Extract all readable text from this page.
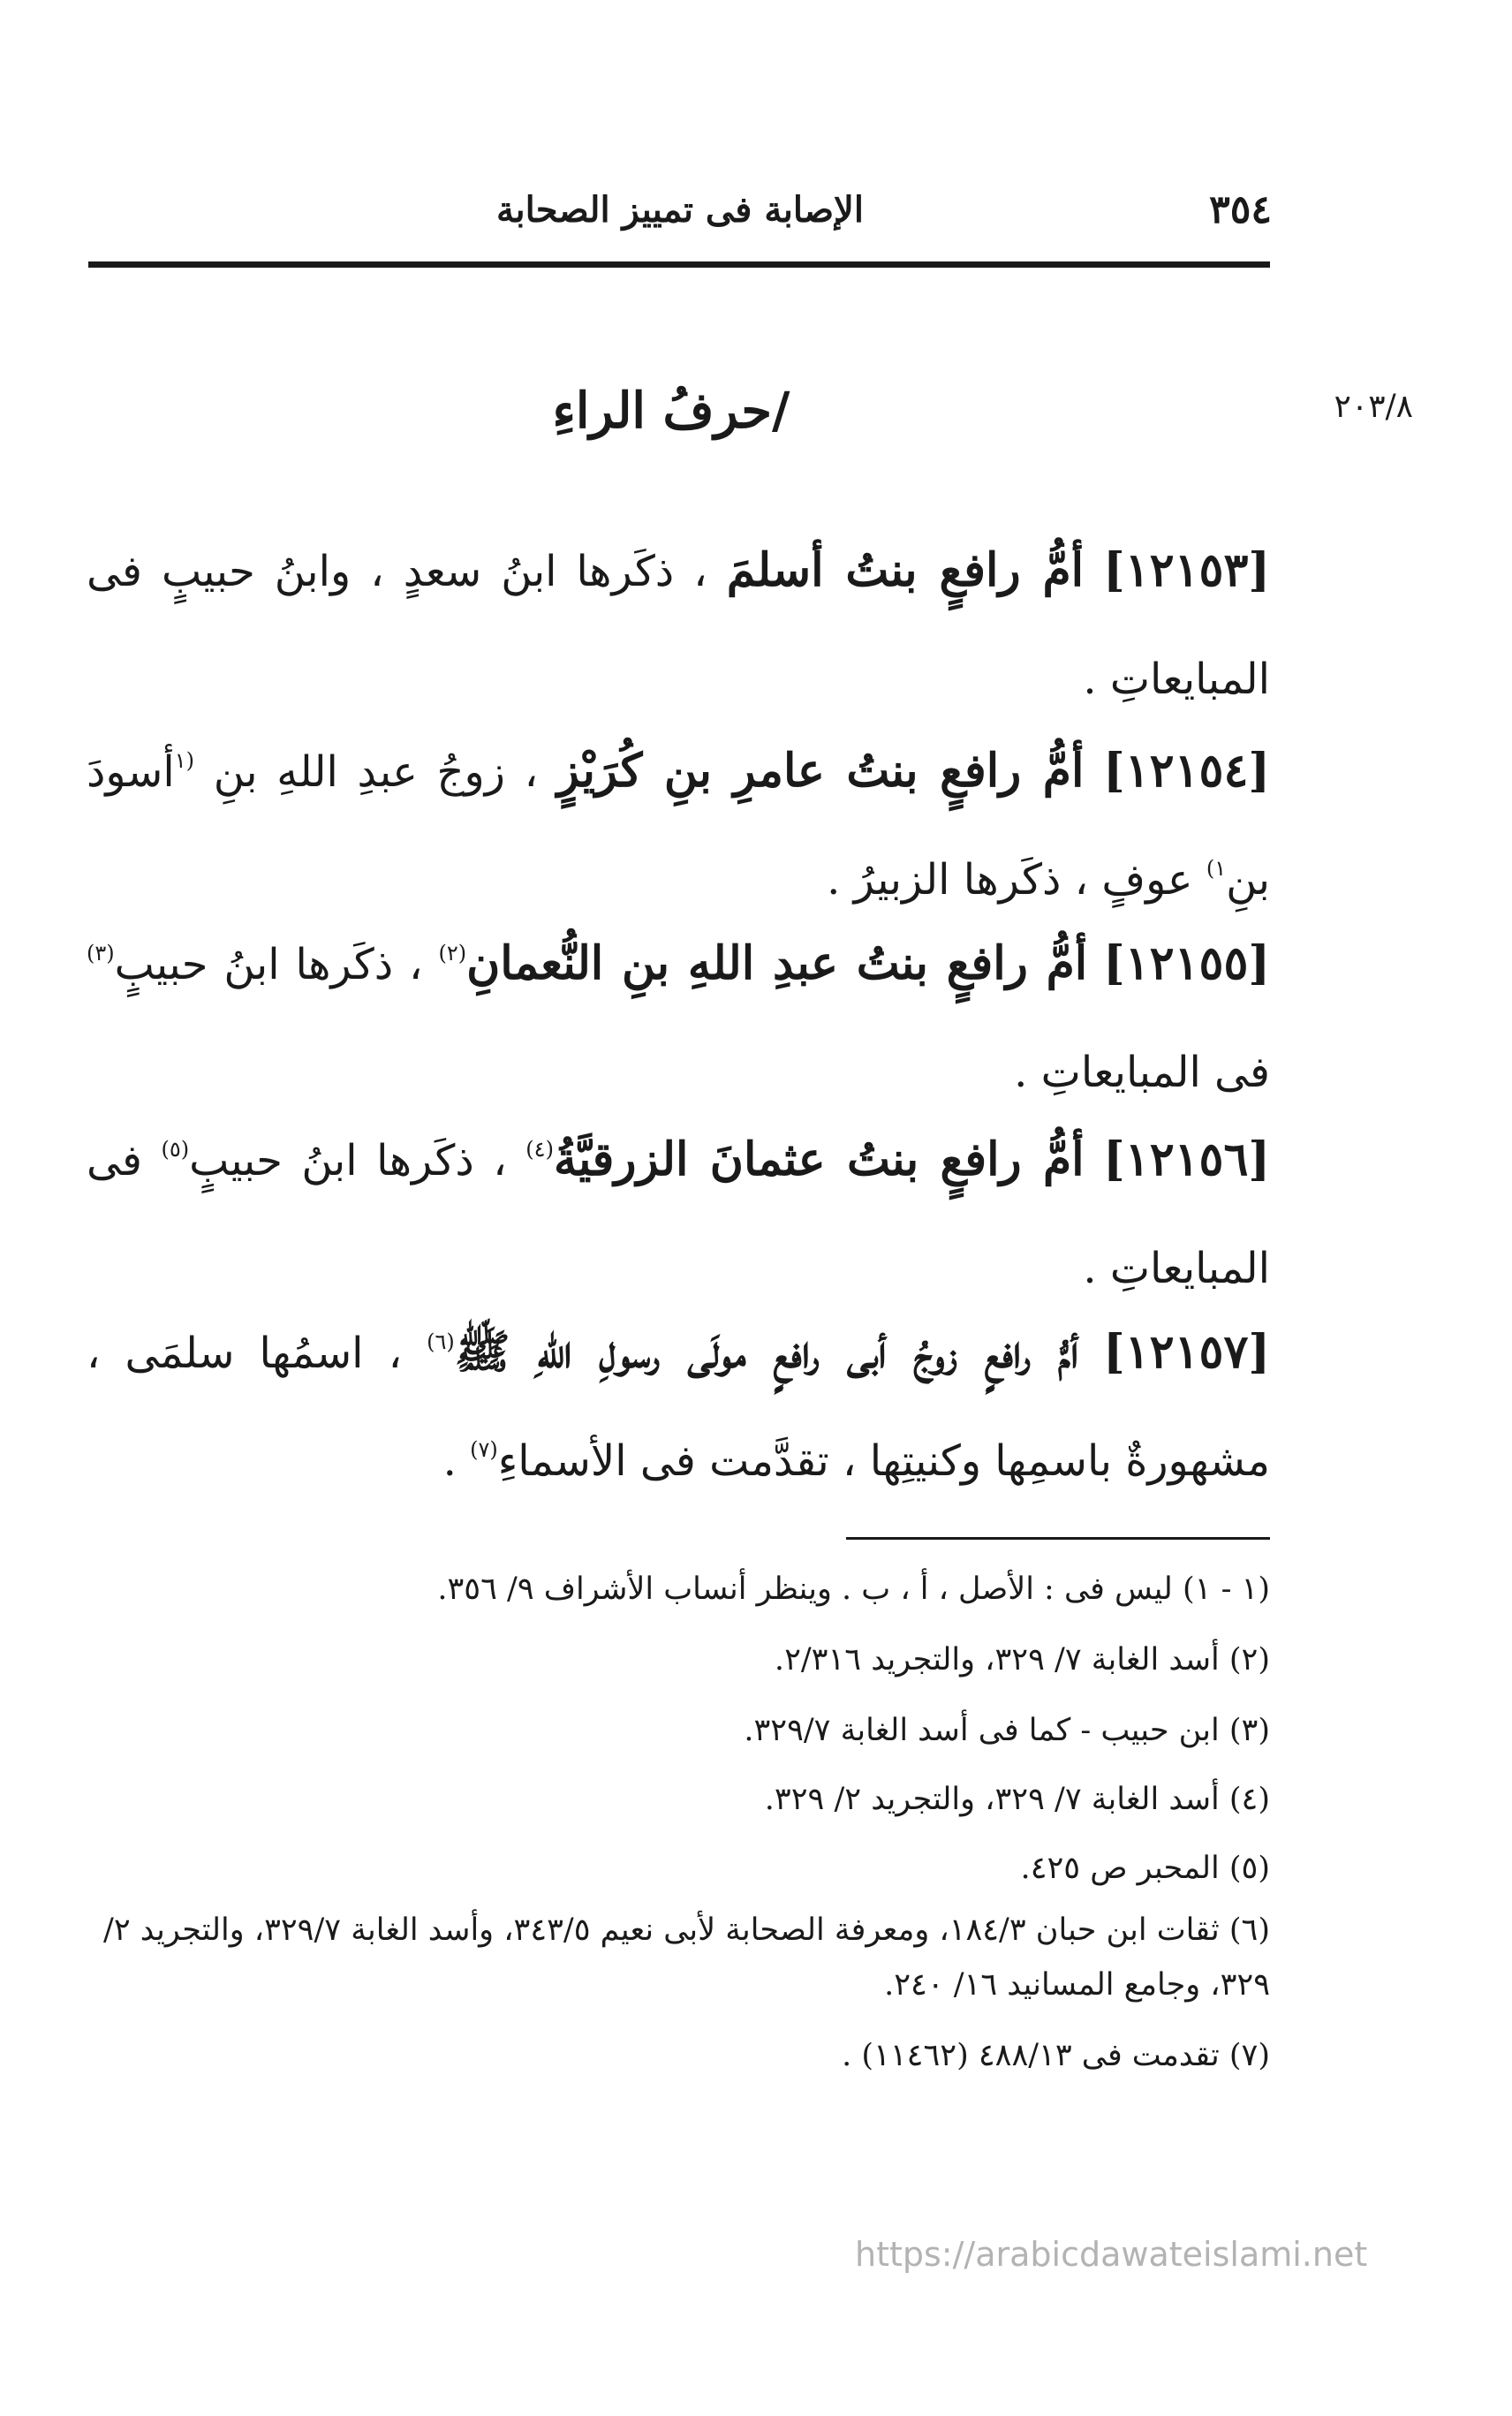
٣٥٤
الإصابة فى تمييز الصحابة
٢٠٣/٨
/حرفُ الراءِ
[١٢١٥٣] أمُّ رافعٍ بنتُ أسلمَ ، ذكَرها ابنُ سعدٍ ، وابنُ حبيبٍ فى المبايعاتِ .
[١٢١٥٤] أمُّ رافعٍ بنتُ عامرِ بنِ كُرَيْزٍ ، زوجُ عبدِ اللهِ بنِ $^{(١}$أسودَ بنِ$^{١)}$ عوفٍ ، ذكَرها الزبيرُ .
[١٢١٥٥] أمُّ رافعٍ بنتُ عبدِ اللهِ بنِ النُّعمانِ$^{(٢)}$ ، ذكَرها ابنُ حبيبٍ$^{(٣)}$ فى المبايعاتِ .
[١٢١٥٦] أمُّ رافعٍ بنتُ عثمانَ الزرقيَّةُ$^{(٤)}$ ، ذكَرها ابنُ حبيبٍ$^{(٥)}$ فى المبايعاتِ .
[١٢١٥٧] أمُّ رافعٍ زوجُ أبى رافعٍ مولَى رسولِ اللهِ ﷺ$^{(٦)}$ ، اسمُها سلمَى ، مشهورةٌ باسمِها وكنيتِها ، تقدَّمت فى الأسماءِ$^{(٧)}$ .
(١ - ١) ليس فى : الأصل ، أ ، ب . وينظر أنساب الأشراف ٩/ ٣٥٦.
(٢) أسد الغابة ٧/ ٣٢٩، والتجريد ٢/٣١٦.
(٣) ابن حبيب - كما فى أسد الغابة ٣٢٩/٧.
(٤) أسد الغابة ٧/ ٣٢٩، والتجريد ٢/ ٣٢٩.
(٥) المحبر ص ٤٢٥.
(٦) ثقات ابن حبان ١٨٤/٣، ومعرفة الصحابة لأبى نعيم ٣٤٣/٥، وأسد الغابة ٣٢٩/٧، والتجريد ٢/ ٣٢٩، وجامع المسانيد ١٦/ ٢٤٠.
(٧) تقدمت فى ٤٨٨/١٣ (١١٤٦٢) .
https://arabicdawateislami.net
